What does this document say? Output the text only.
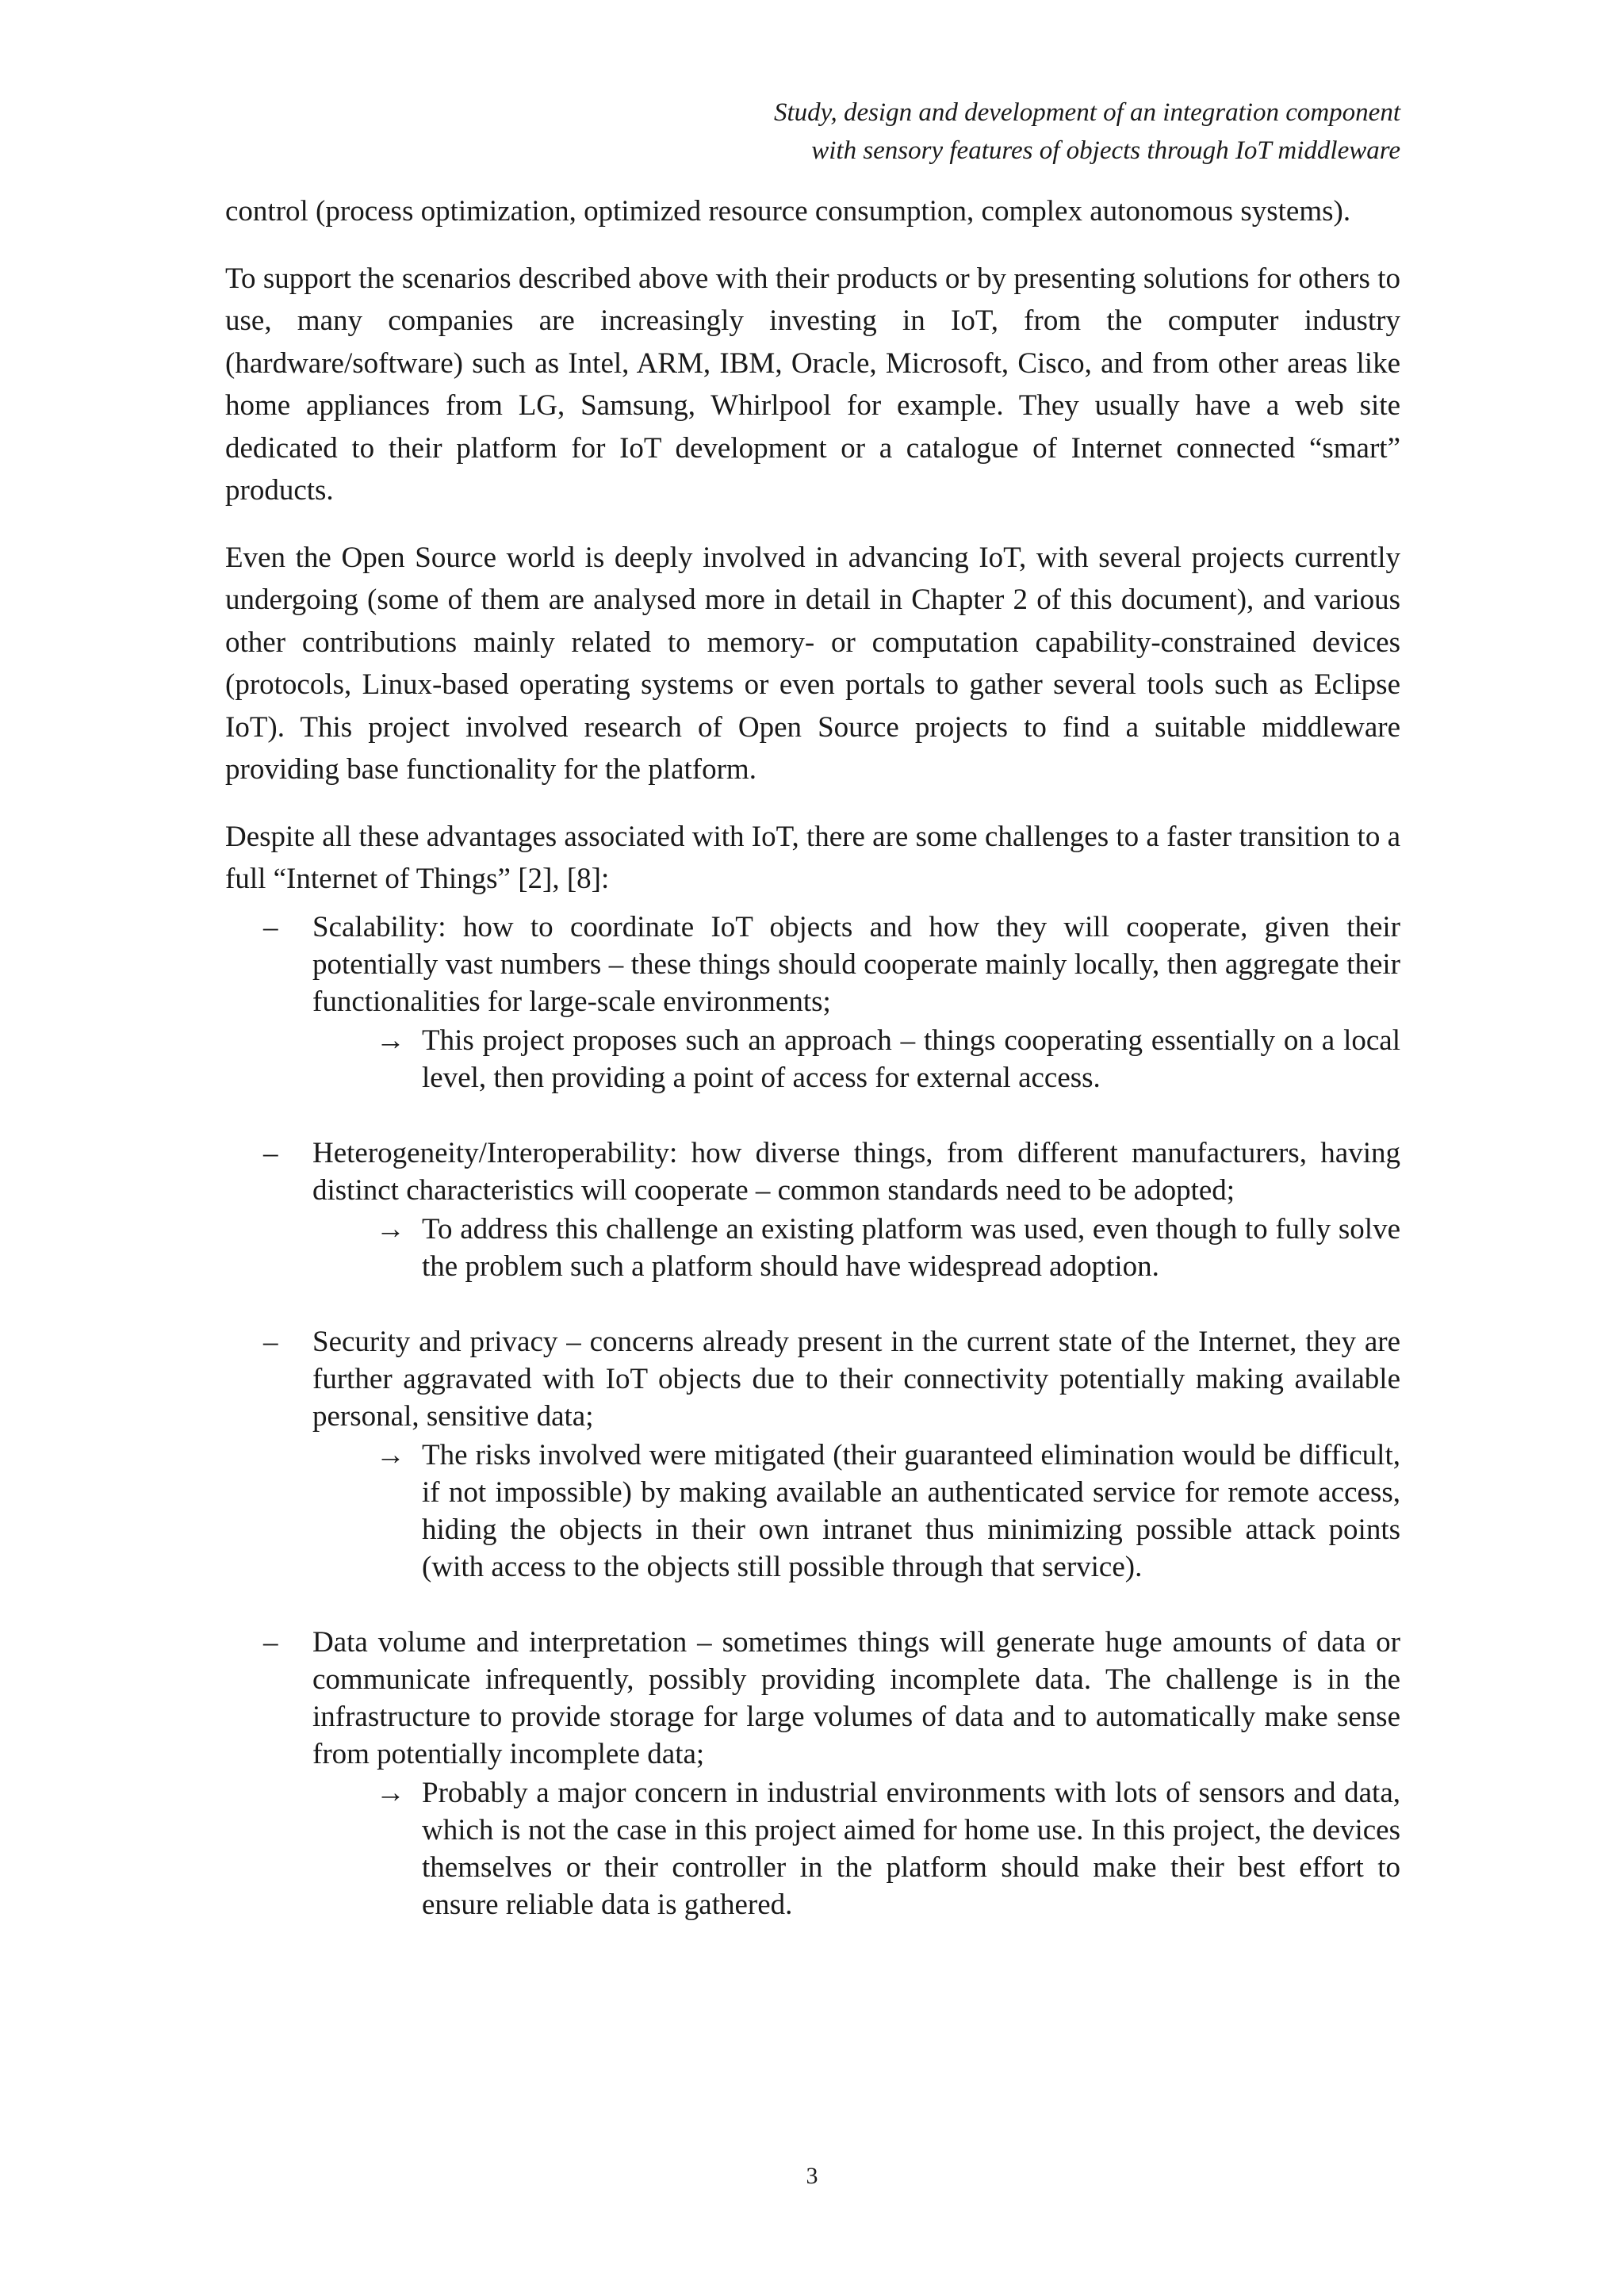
Study, design and development of an integration component
with sensory features of objects through IoT middleware

control (process optimization, optimized resource consumption, complex autonomous systems).

To support the scenarios described above with their products or by presenting solutions for others to use, many companies are increasingly investing in IoT, from the computer industry (hardware/software) such as Intel, ARM, IBM, Oracle, Microsoft, Cisco, and from other areas like home appliances from LG, Samsung, Whirlpool for example. They usually have a web site dedicated to their platform for IoT development or a catalogue of Internet connected “smart” products.

Even the Open Source world is deeply involved in advancing IoT, with several projects currently undergoing (some of them are analysed more in detail in Chapter 2 of this document), and various other contributions mainly related to memory- or computation capability-constrained devices (protocols, Linux-based operating systems or even portals to gather several tools such as Eclipse IoT). This project involved research of Open Source projects to find a suitable middleware providing base functionality for the platform.

Despite all these advantages associated with IoT, there are some challenges to a faster transition to a full “Internet of Things” [2], [8]:

– Scalability: how to coordinate IoT objects and how they will cooperate, given their potentially vast numbers – these things should cooperate mainly locally, then aggregate their functionalities for large-scale environments;

→ This project proposes such an approach – things cooperating essentially on a local level, then providing a point of access for external access.

– Heterogeneity/Interoperability: how diverse things, from different manufacturers, having distinct characteristics will cooperate – common standards need to be adopted;

→ To address this challenge an existing platform was used, even though to fully solve the problem such a platform should have widespread adoption.

– Security and privacy – concerns already present in the current state of the Internet, they are further aggravated with IoT objects due to their connectivity potentially making available personal, sensitive data;

→ The risks involved were mitigated (their guaranteed elimination would be difficult, if not impossible) by making available an authenticated service for remote access, hiding the objects in their own intranet thus minimizing possible attack points (with access to the objects still possible through that service).

– Data volume and interpretation – sometimes things will generate huge amounts of data or communicate infrequently, possibly providing incomplete data. The challenge is in the infrastructure to provide storage for large volumes of data and to automatically make sense from potentially incomplete data;

→ Probably a major concern in industrial environments with lots of sensors and data, which is not the case in this project aimed for home use. In this project, the devices themselves or their controller in the platform should make their best effort to ensure reliable data is gathered.

3
